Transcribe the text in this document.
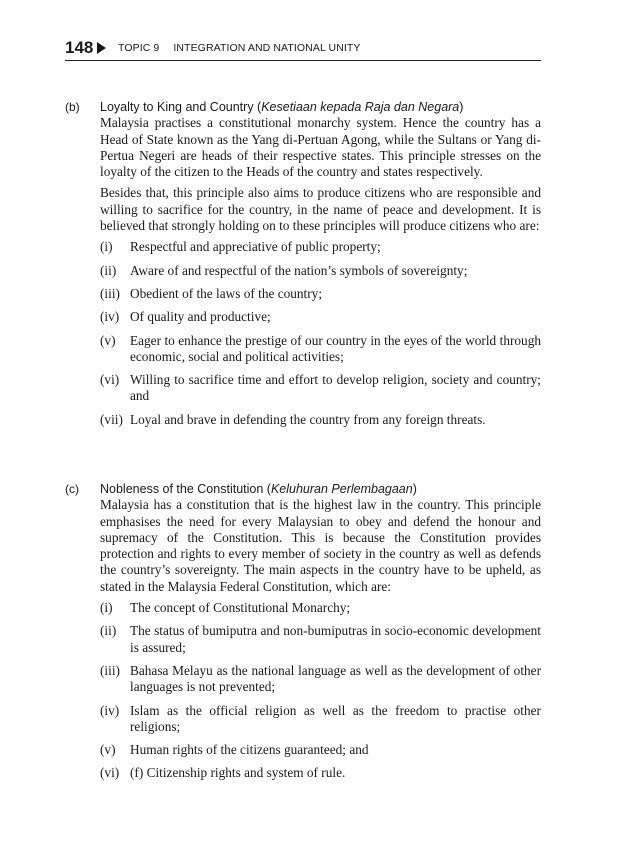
148 TOPIC 9 INTEGRATION AND NATIONAL UNITY
(b) Loyalty to King and Country (Kesetiaan kepada Raja dan Negara)

Malaysia practises a constitutional monarchy system. Hence the country has a Head of State known as the Yang di-Pertuan Agong, while the Sultans or Yang di-Pertua Negeri are heads of their respective states. This principle stresses on the loyalty of the citizen to the Heads of the country and states respectively.

Besides that, this principle also aims to produce citizens who are responsible and willing to sacrifice for the country, in the name of peace and development. It is believed that strongly holding on to these principles will produce citizens who are:

(i) Respectful and appreciative of public property;
(ii) Aware of and respectful of the nation’s symbols of sovereignty;
(iii) Obedient of the laws of the country;
(iv) Of quality and productive;
(v) Eager to enhance the prestige of our country in the eyes of the world through economic, social and political activities;
(vi) Willing to sacrifice time and effort to develop religion, society and country; and
(vii) Loyal and brave in defending the country from any foreign threats.
(c) Nobleness of the Constitution (Keluhuran Perlembagaan)

Malaysia has a constitution that is the highest law in the country. This principle emphasises the need for every Malaysian to obey and defend the honour and supremacy of the Constitution. This is because the Constitution provides protection and rights to every member of society in the country as well as defends the country’s sovereignty. The main aspects in the country have to be upheld, as stated in the Malaysia Federal Constitution, which are:

(i) The concept of Constitutional Monarchy;
(ii) The status of bumiputra and non-bumiputras in socio-economic development is assured;
(iii) Bahasa Melayu as the national language as well as the development of other languages is not prevented;
(iv) Islam as the official religion as well as the freedom to practise other religions;
(v) Human rights of the citizens guaranteed; and
(vi) (f) Citizenship rights and system of rule.
